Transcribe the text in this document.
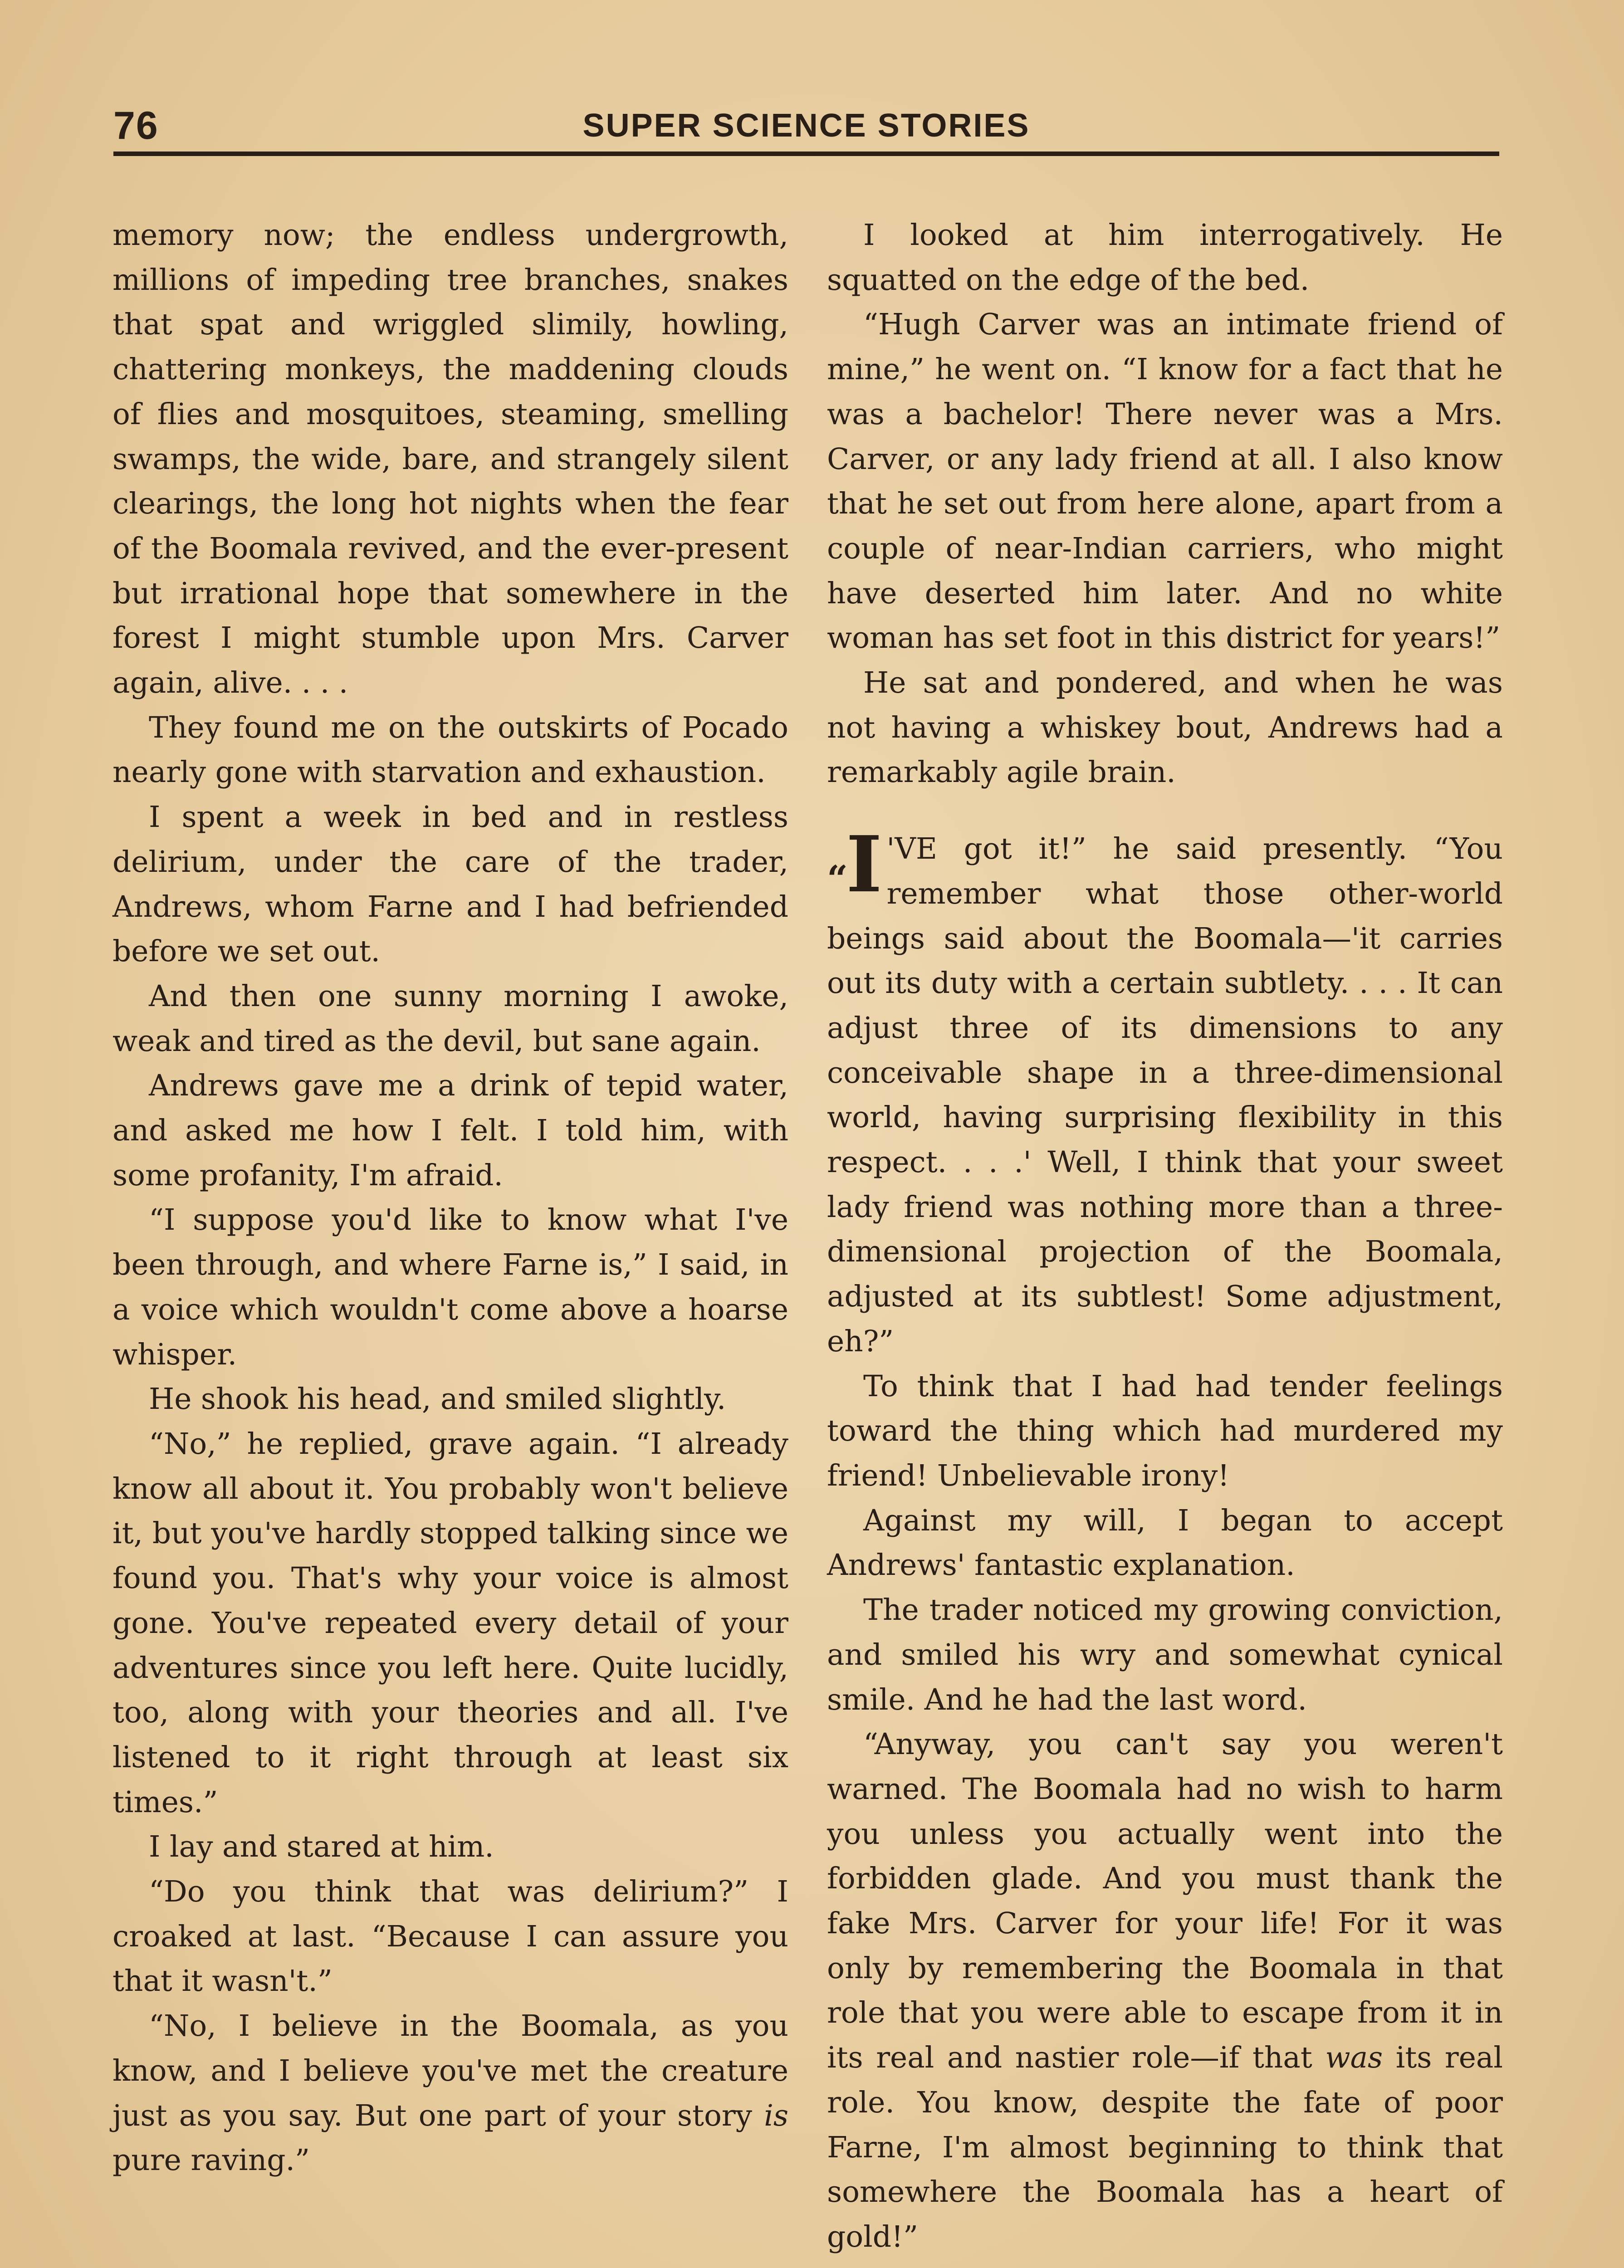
76	SUPER SCIENCE STORIES

memory now; the endless undergrowth, millions of impeding tree branches, snakes that spat and wriggled slimily, howling, chattering monkeys, the maddening clouds of flies and mosquitoes, steaming, smelling swamps, the wide, bare, and strangely silent clearings, the long hot nights when the fear of the Boomala revived, and the ever-present but irrational hope that somewhere in the forest I might stumble upon Mrs. Carver again, alive. . . .

They found me on the outskirts of Pocado nearly gone with starvation and exhaustion.

I spent a week in bed and in restless delirium, under the care of the trader, Andrews, whom Farne and I had befriended before we set out.

And then one sunny morning I awoke, weak and tired as the devil, but sane again.

Andrews gave me a drink of tepid water, and asked me how I felt. I told him, with some profanity, I'm afraid.

“I suppose you'd like to know what I've been through, and where Farne is,” I said, in a voice which wouldn't come above a hoarse whisper.

He shook his head, and smiled slightly.

“No,” he replied, grave again. “I already know all about it. You probably won't believe it, but you've hardly stopped talking since we found you. That's why your voice is almost gone. You've repeated every detail of your adventures since you left here. Quite lucidly, too, along with your theories and all. I've listened to it right through at least six times.”

I lay and stared at him.

“Do you think that was delirium?” I croaked at last. “Because I can assure you that it wasn't.”

“No, I believe in the Boomala, as you know, and I believe you've met the creature just as you say. But one part of your story is pure raving.”

I looked at him interrogatively. He squatted on the edge of the bed.

“Hugh Carver was an intimate friend of mine,” he went on. “I know for a fact that he was a bachelor! There never was a Mrs. Carver, or any lady friend at all. I also know that he set out from here alone, apart from a couple of near-Indian carriers, who might have deserted him later. And no white woman has set foot in this district for years!”

He sat and pondered, and when he was not having a whiskey bout, Andrews had a remarkably agile brain.

“I 'VE got it!” he said presently. “You remember what those other-world beings said about the Boomala—'it carries out its duty with a certain subtlety. . . . It can adjust three of its dimensions to any conceivable shape in a three-dimensional world, having surprising flexibility in this respect. . . .' Well, I think that your sweet lady friend was nothing more than a three-dimensional projection of the Boomala, adjusted at its subtlest! Some adjustment, eh?”

To think that I had had tender feelings toward the thing which had murdered my friend! Unbelievable irony!

Against my will, I began to accept Andrews' fantastic explanation.

The trader noticed my growing conviction, and smiled his wry and somewhat cynical smile. And he had the last word.

“Anyway, you can't say you weren't warned. The Boomala had no wish to harm you unless you actually went into the forbidden glade. And you must thank the fake Mrs. Carver for your life! For it was only by remembering the Boomala in that role that you were able to escape from it in its real and nastier role—if that was its real role. You know, despite the fate of poor Farne, I'm almost beginning to think that somewhere the Boomala has a heart of gold!”
